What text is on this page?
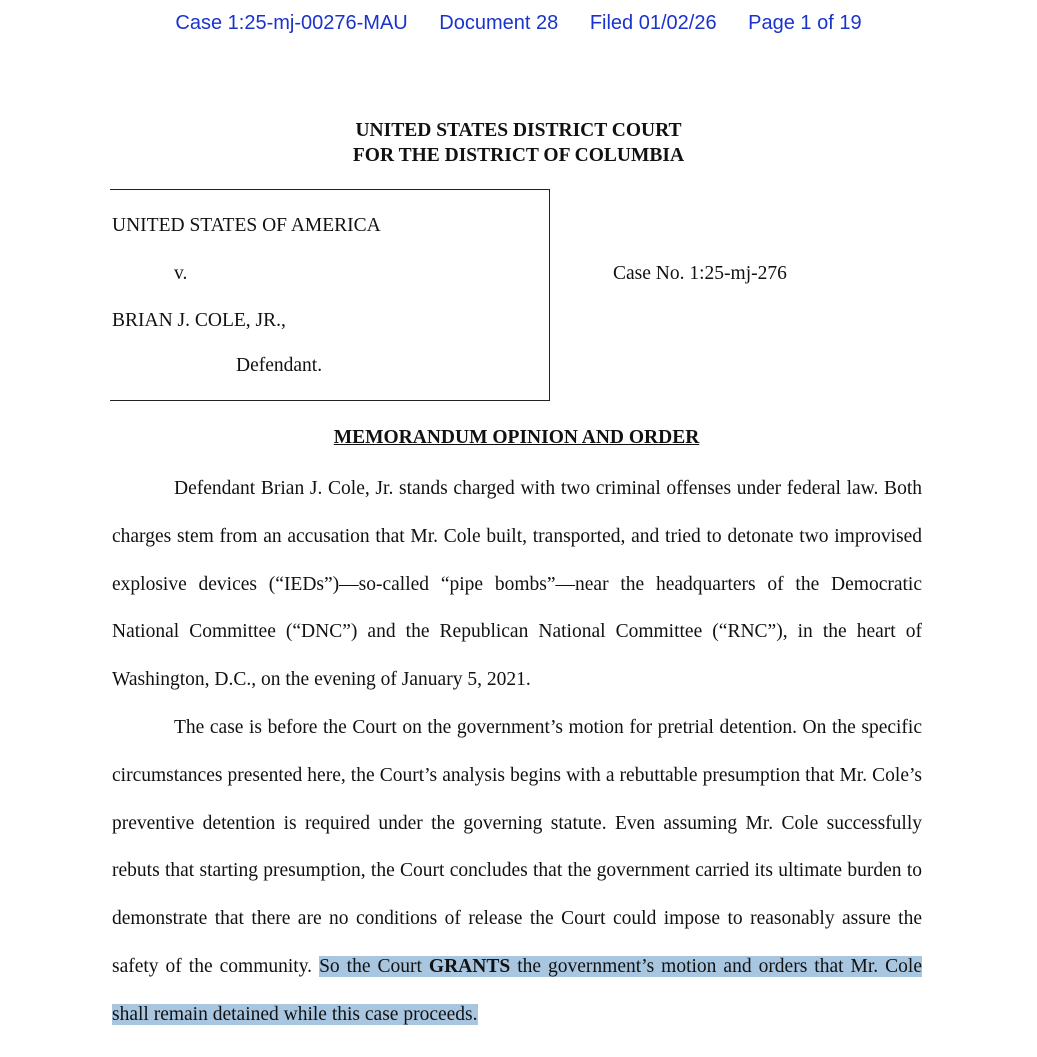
Case 1:25-mj-00276-MAU Document 28 Filed 01/02/26 Page 1 of 19
UNITED STATES DISTRICT COURT
FOR THE DISTRICT OF COLUMBIA
UNITED STATES OF AMERICA
v.
BRIAN J. COLE, JR.,
Defendant.
Case No. 1:25-mj-276
MEMORANDUM OPINION AND ORDER

Defendant Brian J. Cole, Jr. stands charged with two criminal offenses under federal law. Both charges stem from an accusation that Mr. Cole built, transported, and tried to detonate two improvised explosive devices (“IEDs”)—so-called “pipe bombs”—near the headquarters of the Democratic National Committee (“DNC”) and the Republican National Committee (“RNC”), in the heart of Washington, D.C., on the evening of January 5, 2021.

The case is before the Court on the government’s motion for pretrial detention. On the specific circumstances presented here, the Court’s analysis begins with a rebuttable presumption that Mr. Cole’s preventive detention is required under the governing statute. Even assuming Mr. Cole successfully rebuts that starting presumption, the Court concludes that the government carried its ultimate burden to demonstrate that there are no conditions of release the Court could impose to reasonably assure the safety of the community. So the Court GRANTS the government’s motion and orders that Mr. Cole shall remain detained while this case proceeds.
